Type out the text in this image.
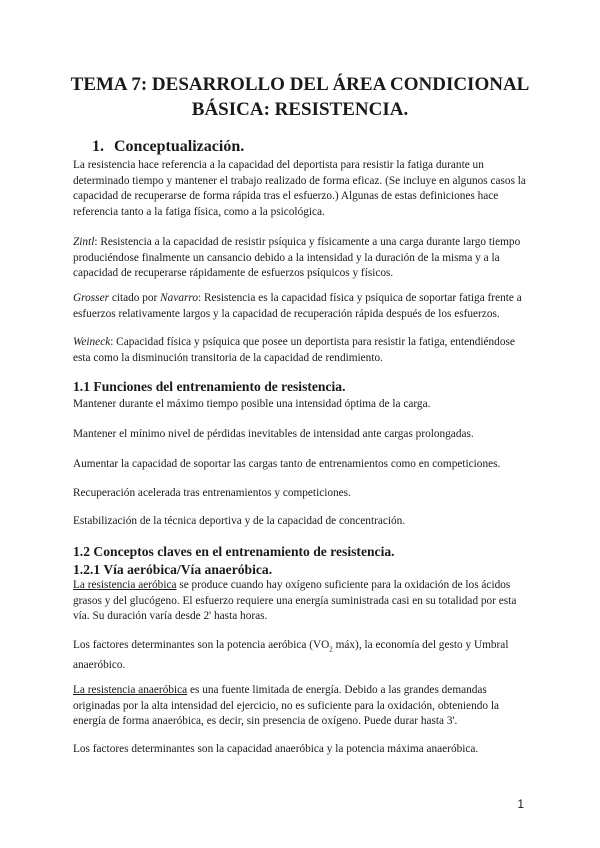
TEMA 7: DESARROLLO DEL ÁREA CONDICIONAL
BÁSICA: RESISTENCIA.
1. Conceptualización.
La resistencia hace referencia a la capacidad del deportista para resistir la fatiga durante un determinado tiempo y mantener el trabajo realizado de forma eficaz. (Se incluye en algunos casos la capacidad de recuperarse de forma rápida tras el esfuerzo.) Algunas de estas definiciones hace referencia tanto a la fatiga física, como a la psicológica.
Zintl: Resistencia a la capacidad de resistir psíquica y físicamente a una carga durante largo tiempo produciéndose finalmente un cansancio debido a la intensidad y la duración de la misma y a la capacidad de recuperarse rápidamente de esfuerzos psíquicos y físicos.
Grosser citado por Navarro: Resistencia es la capacidad física y psíquica de soportar fatiga frente a esfuerzos relativamente largos y la capacidad de recuperación rápida después de los esfuerzos.
Weineck: Capacidad física y psíquica que posee un deportista para resistir la fatiga, entendiéndose esta como la disminución transitoria de la capacidad de rendimiento.
1.1 Funciones del entrenamiento de resistencia.
Mantener durante el máximo tiempo posible una intensidad óptima de la carga.
Mantener el mínimo nivel de pérdidas inevitables de intensidad ante cargas prolongadas.
Aumentar la capacidad de soportar las cargas tanto de entrenamientos como en competiciones.
Recuperación acelerada tras entrenamientos y competiciones.
Estabilización de la técnica deportiva y de la capacidad de concentración.
1.2 Conceptos claves en el entrenamiento de resistencia.
1.2.1 Vía aeróbica/Vía anaeróbica.
La resistencia aeróbica se produce cuando hay oxígeno suficiente para la oxidación de los ácidos grasos y del glucógeno. El esfuerzo requiere una energía suministrada casi en su totalidad por esta vía. Su duración varía desde 2' hasta horas.
Los factores determinantes son la potencia aeróbica ($VO_2$ máx), la economía del gesto y Umbral anaeróbico.
La resistencia anaeróbica es una fuente limitada de energía. Debido a las grandes demandas originadas por la alta intensidad del ejercicio, no es suficiente para la oxidación, obteniendo la energía de forma anaeróbica, es decir, sin presencia de oxígeno. Puede durar hasta 3'.
Los factores determinantes son la capacidad anaeróbica y la potencia máxima anaeróbica.
1
